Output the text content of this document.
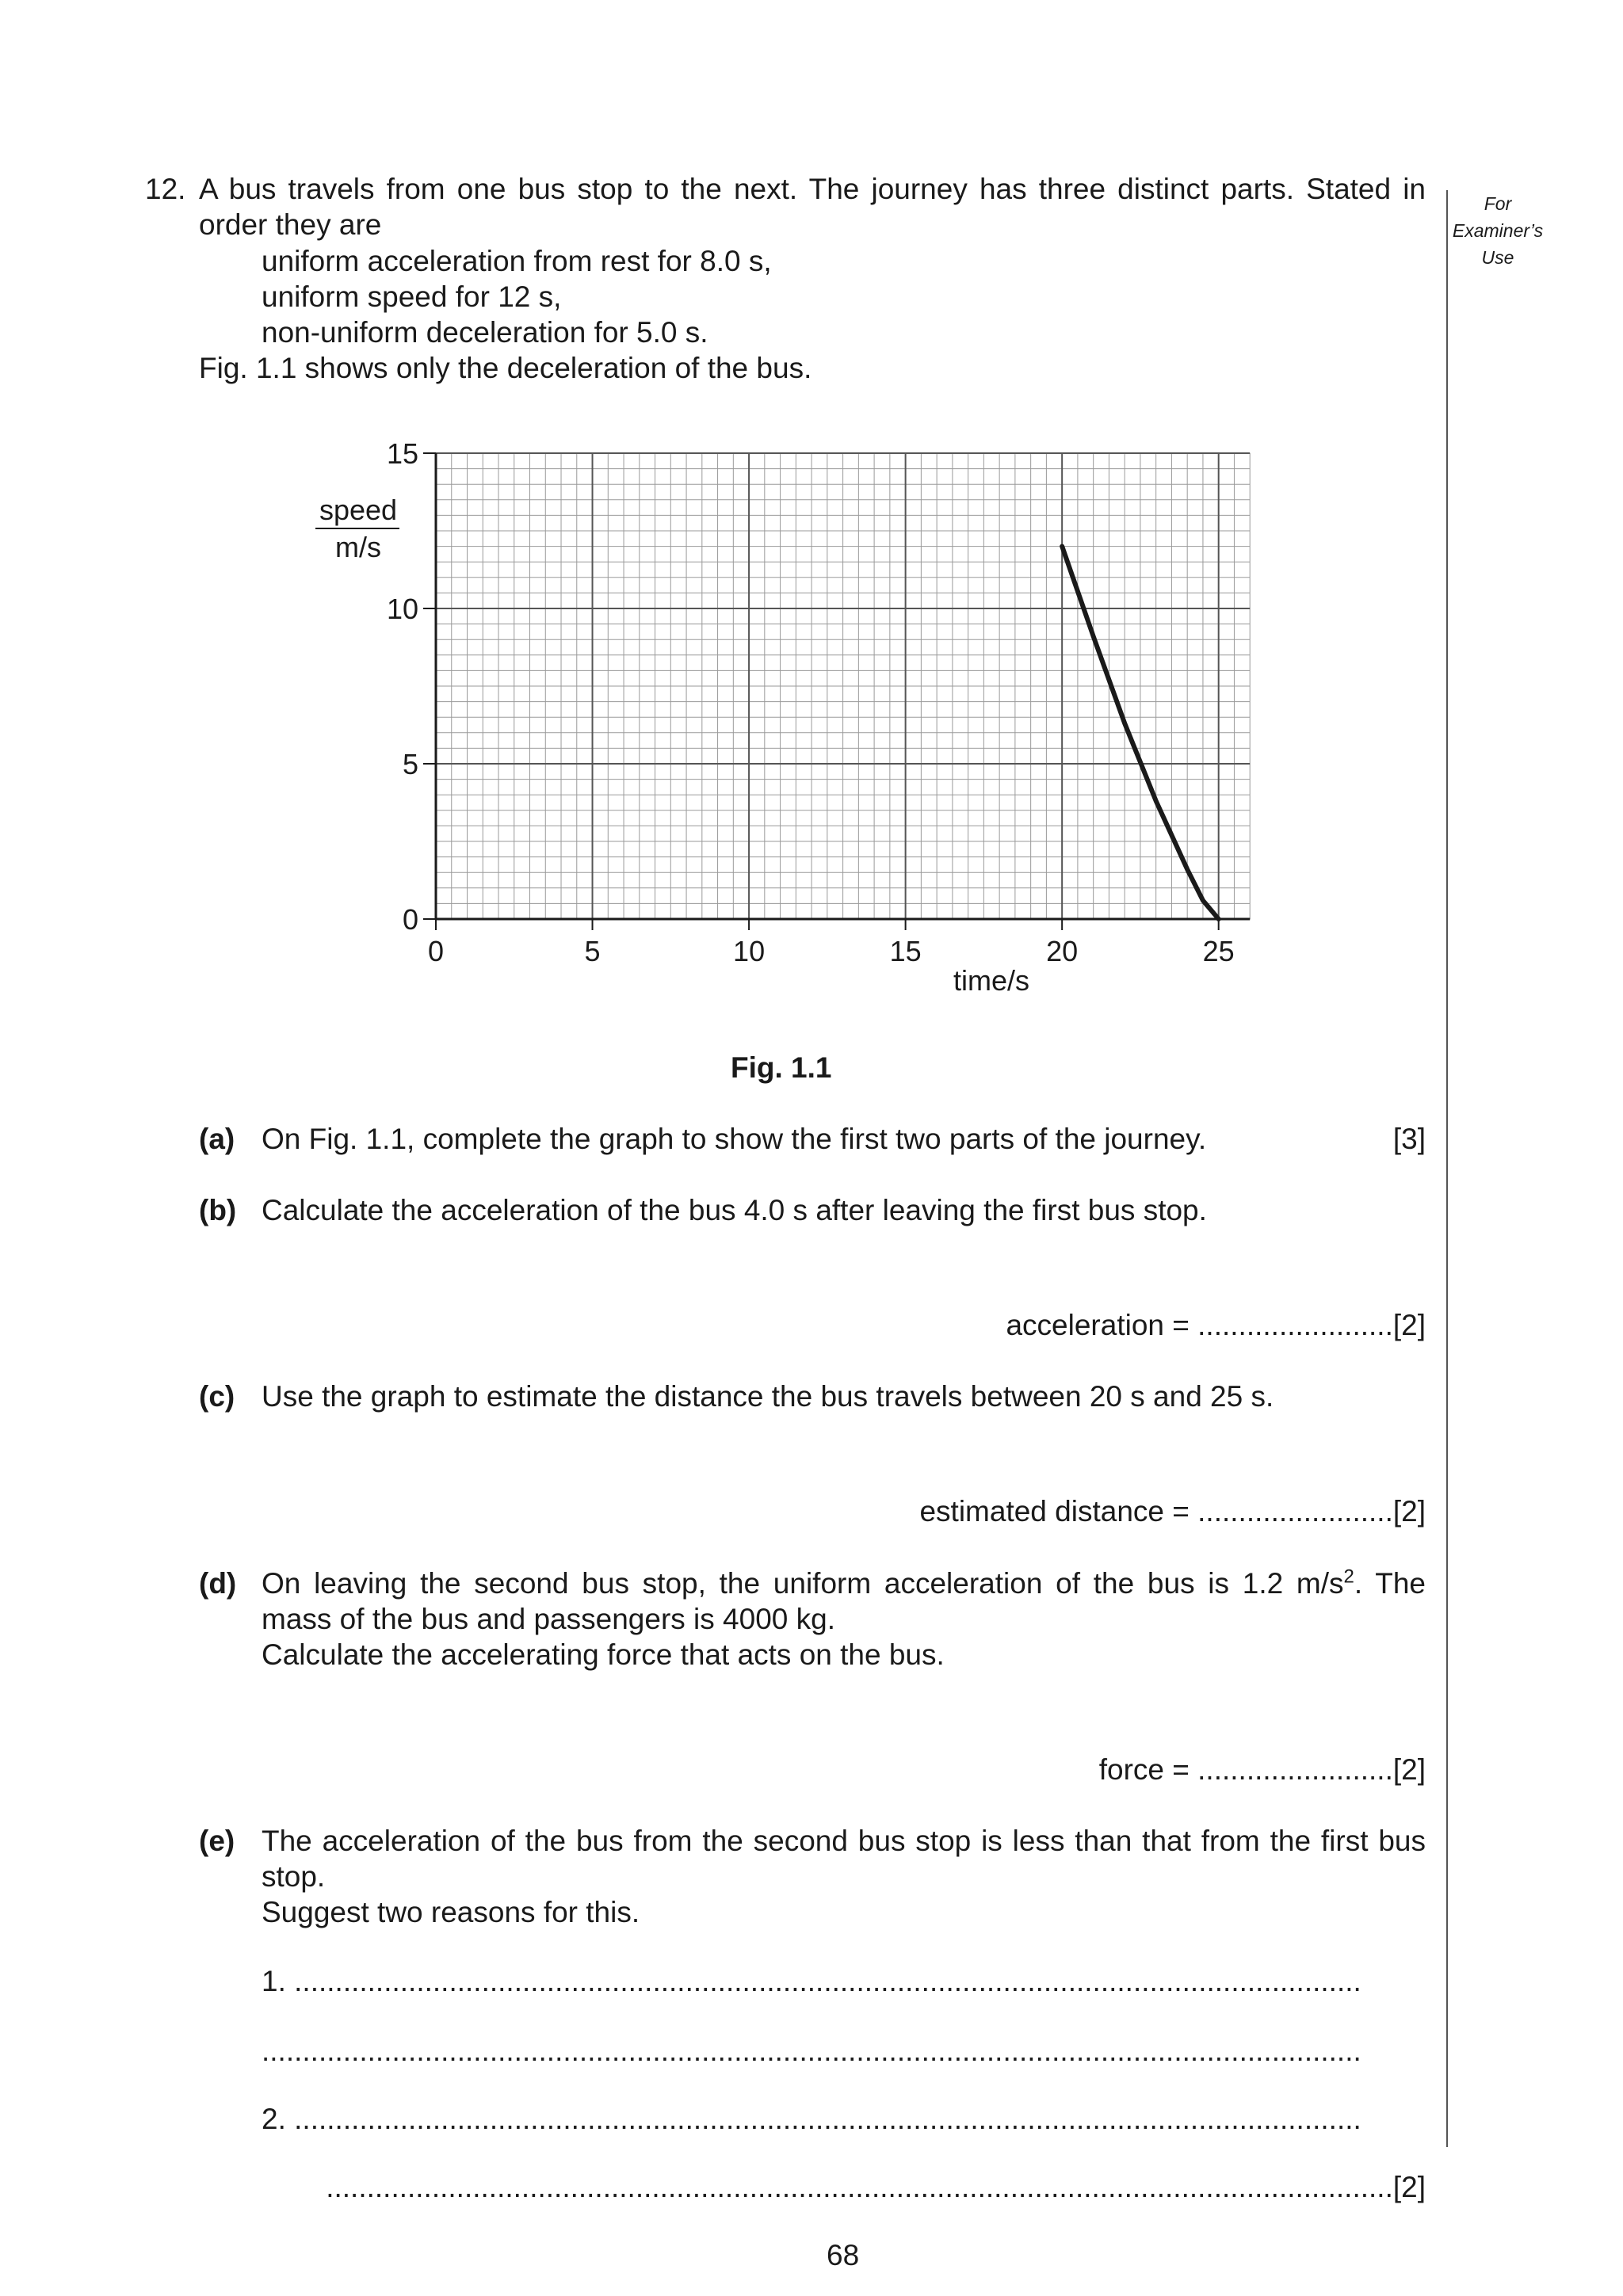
For
Examiner’s
Use
12. A bus travels from one bus stop to the next. The journey has three distinct parts. Stated in
order they are
uniform acceleration from rest for 8.0 s,
uniform speed for 12 s,
non-uniform deceleration for 5.0 s.
Fig. 1.1 shows only the deceleration of the bus.
0	5	10	15	20	25
0
5
10
15
speed
m/s
time/s
Fig. 1.1
(a) On Fig. 1.1, complete the graph to show the first two parts of the journey.	[3]
(b) Calculate the acceleration of the bus 4.0 s after leaving the first bus stop.
acceleration = ........................[2]
(c) Use the graph to estimate the distance the bus travels between 20 s and 25 s.
estimated distance = ........................[2]
(d) On leaving the second bus stop, the uniform acceleration of the bus is 1.2 $m/s^2$. The
mass of the bus and passengers is 4000 kg.
Calculate the accelerating force that acts on the bus.
force = ........................[2]
(e) The acceleration of the bus from the second bus stop is less than that from the first bus
stop.
Suggest two reasons for this.
1. ...................................................................................................................................
.......................................................................................................................................
2. ...................................................................................................................................
...................................................................................................................................[2]
68
